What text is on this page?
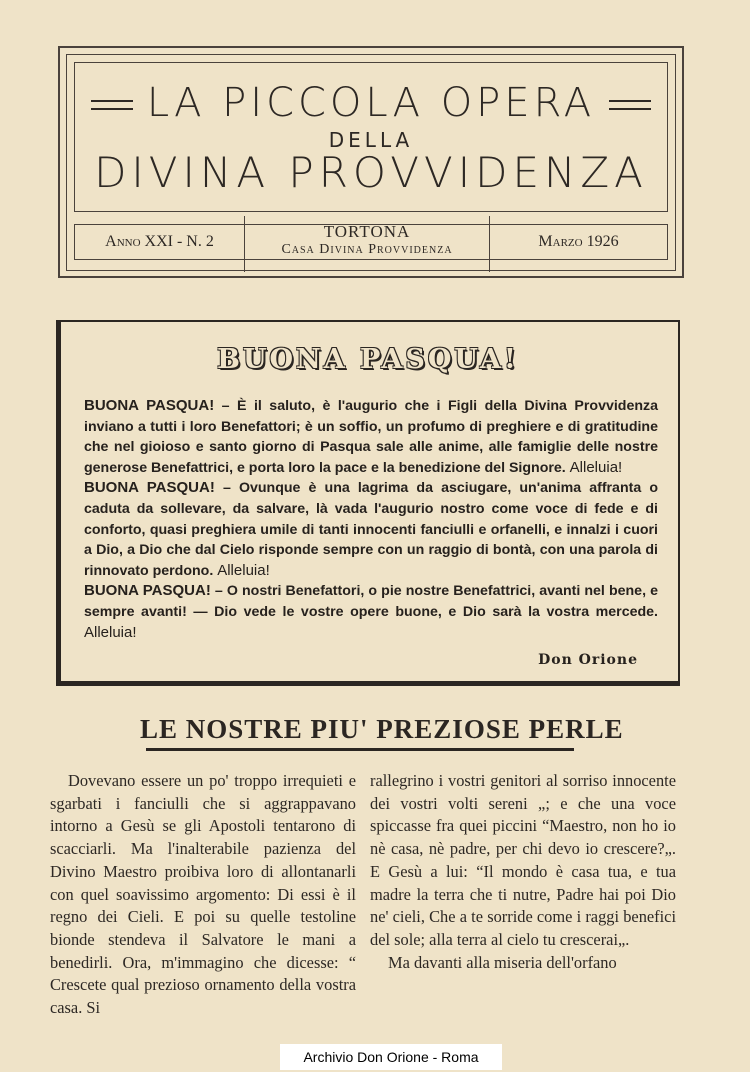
LA PICCOLA OPERA
DELLA
DIVINA PROVVIDENZA
Anno XXI - N. 2
TORTONA
Casa Divina Provvidenza	Marzo 1926
BUONA PASQUA!

BUONA PASQUA! – È il saluto, è l'augurio che i Figli della Divina Provvidenza inviano a tutti i loro Benefattori; è un soffio, un profumo di preghiere e di gratitudine che nel gioioso e santo giorno di Pasqua sale alle anime, alle famiglie delle nostre generose Benefattrici, e porta loro la pace e la benedizione del Signore. Alleluia!

BUONA PASQUA! – Ovunque è una lagrima da asciugare, un'anima affranta o caduta da sollevare, da salvare, là vada l'augurio nostro come voce di fede e di conforto, quasi preghiera umile di tanti innocenti fanciulli e orfanelli, e innalzi i cuori a Dio, a Dio che dal Cielo risponde sempre con un raggio di bontà, con una parola di rinnovato perdono. Alleluia!

BUONA PASQUA! – O nostri Benefattori, o pie nostre Benefattrici, avanti nel bene, e sempre avanti! — Dio vede le vostre opere buone, e Dio sarà la vostra mercede. Alleluia!

Don Orione
LE NOSTRE PIU' PREZIOSE PERLE

Dovevano essere un po' troppo irrequieti e sgarbati i fanciulli che si aggrappavano intorno a Gesù se gli Apostoli tentarono di scacciarli. Ma l'inalterabile pazienza del Divino Maestro proibiva loro di allontanarli con quel soavissimo argomento: Di essi è il regno dei Cieli. E poi su quelle testoline bionde stendeva il Salvatore le mani a benedirli. Ora, m'immagino che dicesse: “ Crescete qual prezioso ornamento della vostra casa. Si

rallegrino i vostri genitori al sorriso innocente dei vostri volti sereni „; e che una voce spiccasse fra quei piccini “Maestro, non ho io nè casa, nè padre, per chi devo io crescere?„. E Gesù a lui: “Il mondo è casa tua, e tua madre la terra che ti nutre, Padre hai poi Dio ne' cieli, Che a te sorride come i raggi benefici del sole; alla terra al cielo tu crescerai„.

Ma davanti alla miseria dell'orfano

Archivio Don Orione - Roma
